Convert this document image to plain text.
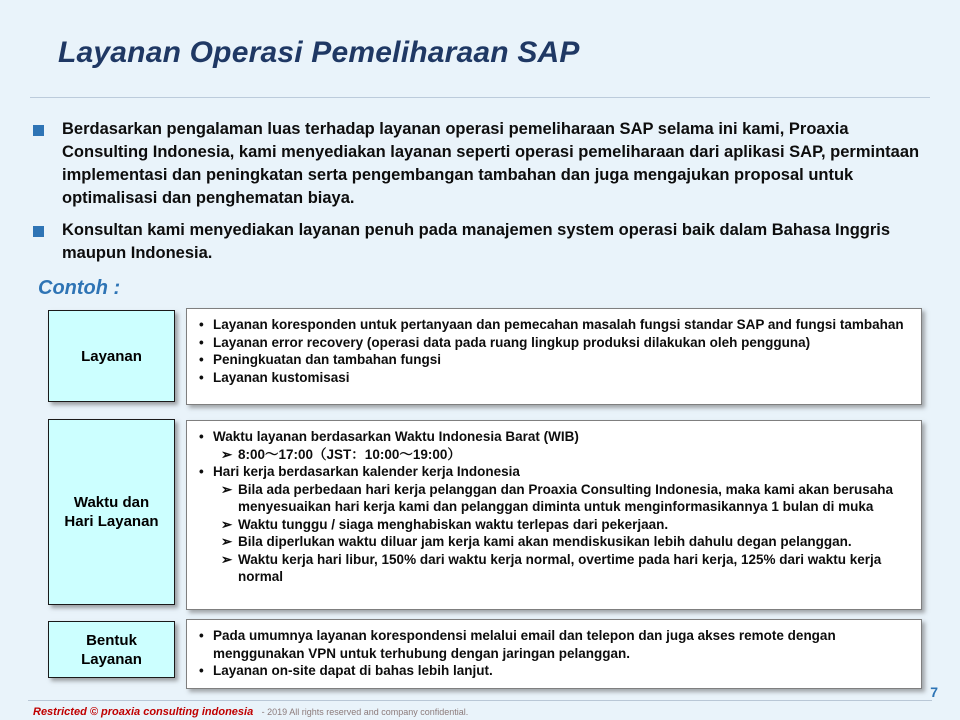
Layanan Operasi Pemeliharaan SAP

Berdasarkan pengalaman luas terhadap layanan operasi pemeliharaan SAP selama ini kami, Proaxia Consulting Indonesia, kami menyediakan layanan seperti operasi pemeliharaan dari aplikasi SAP, permintaan implementasi dan peningkatan serta pengembangan tambahan dan juga mengajukan proposal untuk optimalisasi dan penghematan biaya.

Konsultan kami menyediakan layanan penuh pada manajemen system operasi baik dalam Bahasa Inggris maupun Indonesia.

Contoh :
Layanan
• Layanan koresponden untuk pertanyaan dan pemecahan masalah fungsi standar SAP and fungsi tambahan
• Layanan error recovery (operasi data pada ruang lingkup produksi dilakukan oleh pengguna)
• Peningkuatan dan tambahan fungsi
• Layanan kustomisasi
Waktu dan
Hari Layanan
• Waktu layanan berdasarkan Waktu Indonesia Barat (WIB)
➢ 8:00～17:00（JST：10:00～19:00）
• Hari kerja berdasarkan kalender kerja Indonesia
➢ Bila ada perbedaan hari kerja pelanggan dan Proaxia Consulting Indonesia, maka kami akan berusaha menyesuaikan hari kerja kami dan pelanggan diminta untuk menginformasikannya 1 bulan di muka
➢ Waktu tunggu / siaga menghabiskan waktu terlepas dari pekerjaan.
➢ Bila diperlukan waktu diluar jam kerja kami akan mendiskusikan lebih dahulu degan pelanggan.
➢ Waktu kerja hari libur, 150% dari waktu kerja normal, overtime pada hari kerja, 125% dari waktu kerja normal
Bentuk
Layanan
• Pada umumnya layanan korespondensi melalui email dan telepon dan juga akses remote dengan menggunakan VPN untuk terhubung dengan jaringan pelanggan.
• Layanan on-site dapat di bahas lebih lanjut.
Restricted © proaxia consulting indonesia - 2019 All rights reserved and company confidential.
7
